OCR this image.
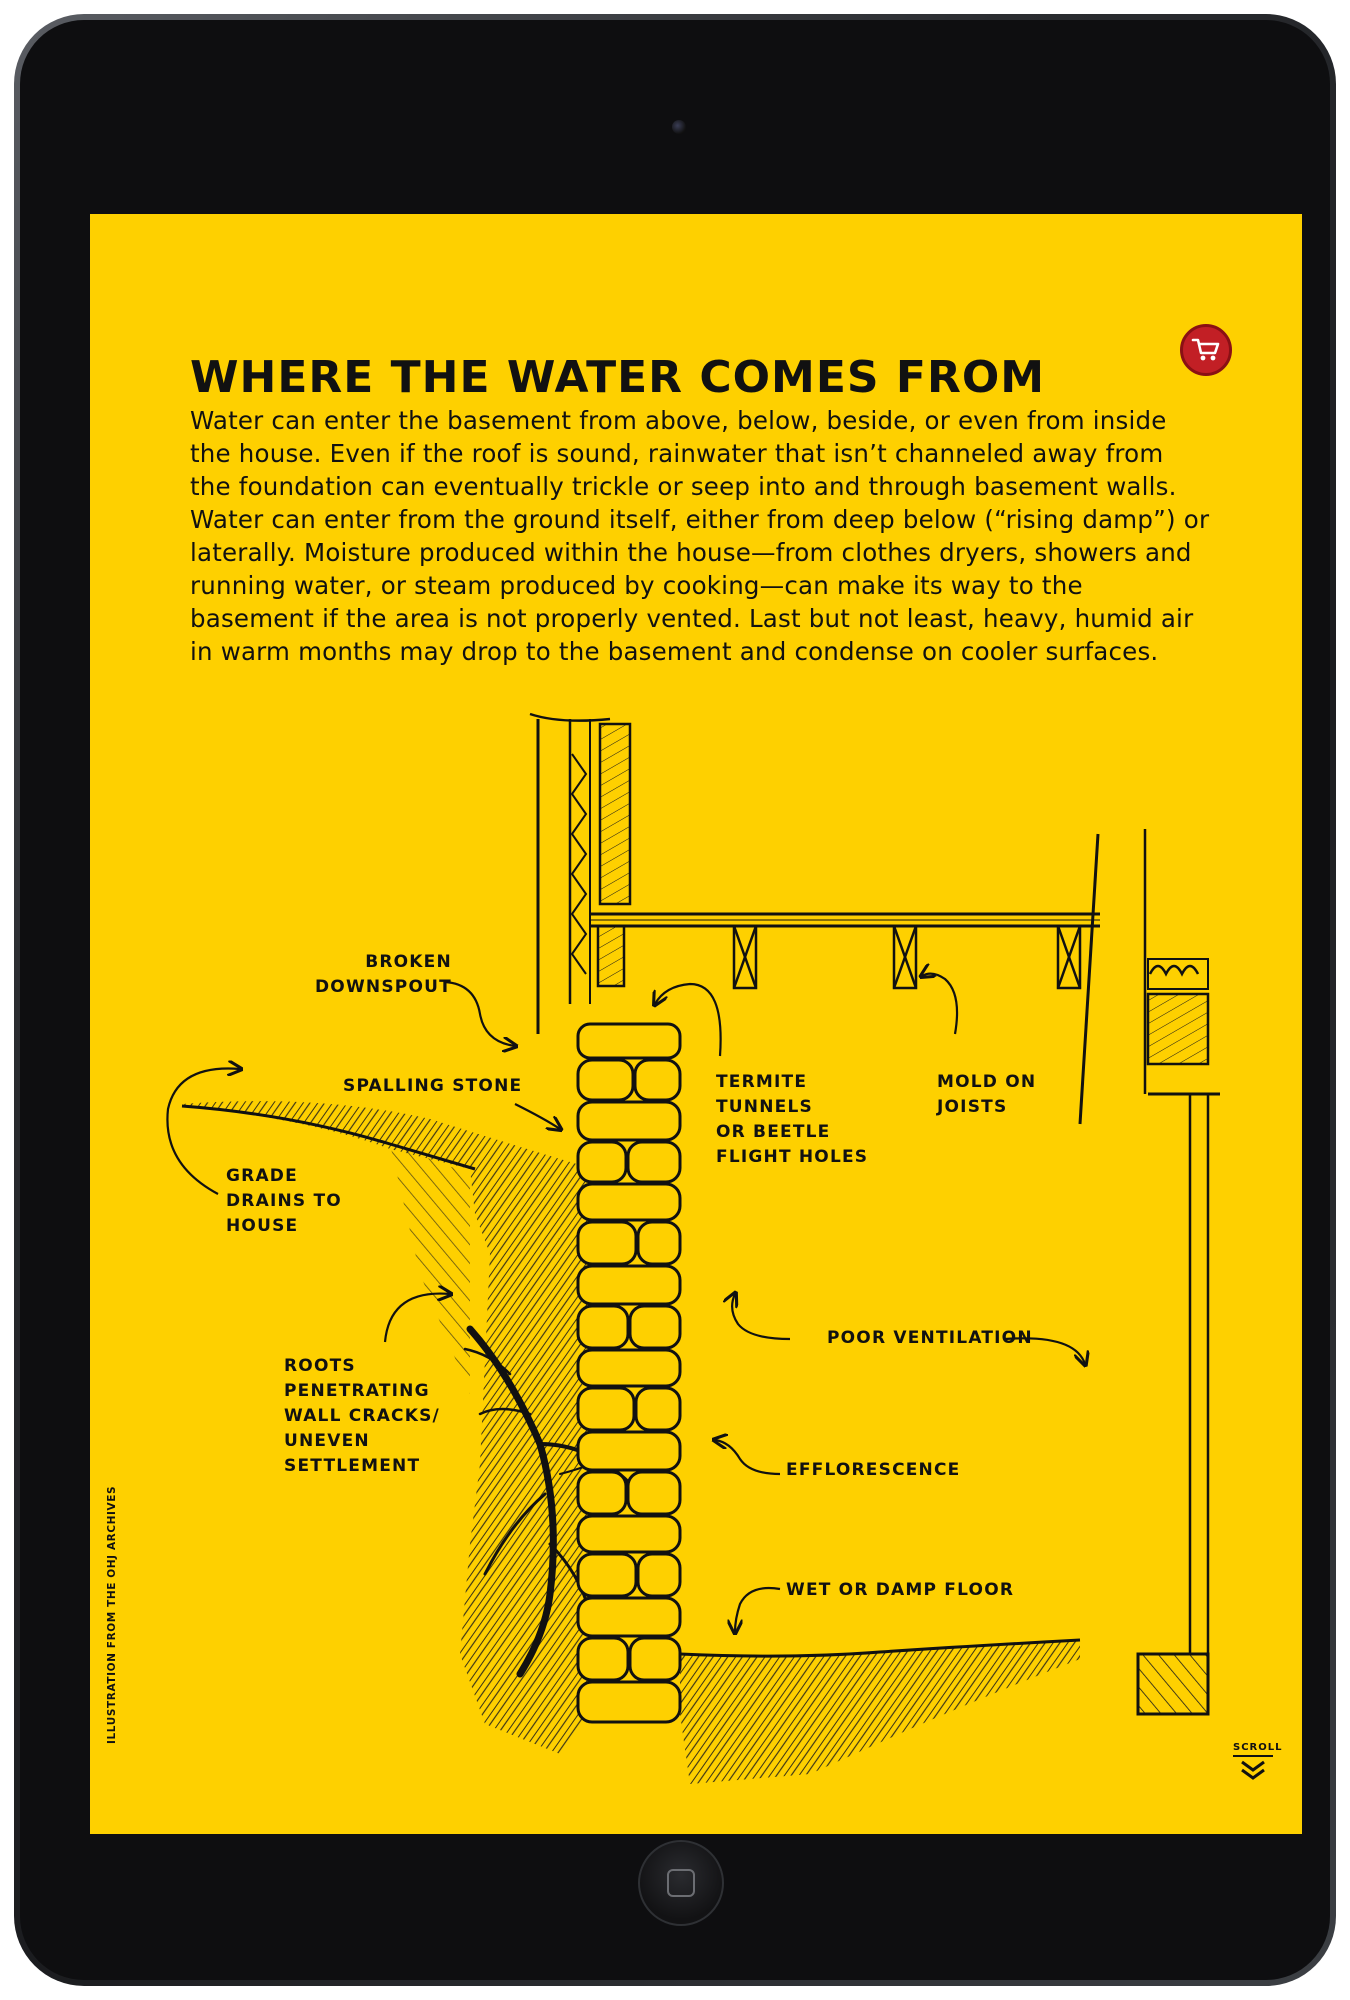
WHERE THE WATER COMES FROM

Water can enter the basement from above, below, beside, or even from inside the house. Even if the roof is sound, rainwater that isn’t channeled away from the foundation can eventually trickle or seep into and through basement walls. Water can enter from the ground itself, either from deep below (“rising damp”) or laterally. Moisture produced within the house—from clothes dryers, showers and running water, or steam produced by cooking—can make its way to the basement if the area is not properly vented. Last but not least, heavy, humid air in warm months may drop to the basement and condense on cooler surfaces.

BROKEN
DOWNSPOUT
SPALLING STONE	TERMITE
TUNNELS
OR BEETLE
FLIGHT HOLES
MOLD ON
JOISTS
GRADE
DRAINS TO
HOUSE
ROOTS
PENETRATING
WALL CRACKS/
UNEVEN
SETTLEMENT
POOR VENTILATION
EFFLORESCENCE
WET OR DAMP FLOOR
ILLUSTRATION FROM THE OHJ ARCHIVES
SCROLL
